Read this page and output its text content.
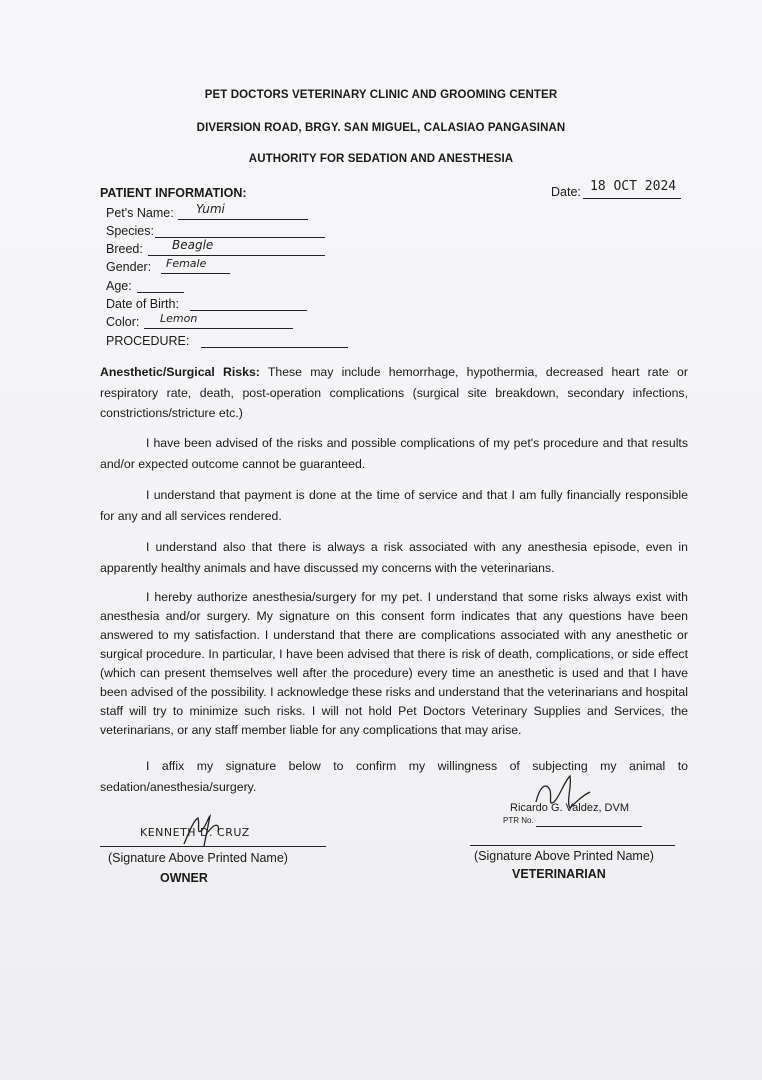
PET DOCTORS VETERINARY CLINIC AND GROOMING CENTER
DIVERSION ROAD, BRGY. SAN MIGUEL, CALASIAO PANGASINAN
AUTHORITY FOR SEDATION AND ANESTHESIA
PATIENT INFORMATION:	Date: 18 OCT 2024
Pet's Name: Yumi
Species:
Breed: Beagle
Gender: Female
Age:
Date of Birth:
Color: Lemon
PROCEDURE:
Anesthetic/Surgical Risks: These may include hemorrhage, hypothermia, decreased heart rate or respiratory rate, death, post-operation complications (surgical site breakdown, secondary infections, constrictions/stricture etc.)
I have been advised of the risks and possible complications of my pet's procedure and that results and/or expected outcome cannot be guaranteed.
I understand that payment is done at the time of service and that I am fully financially responsible for any and all services rendered.
I understand also that there is always a risk associated with any anesthesia episode, even in apparently healthy animals and have discussed my concerns with the veterinarians.
I hereby authorize anesthesia/surgery for my pet. I understand that some risks always exist with anesthesia and/or surgery. My signature on this consent form indicates that any questions have been answered to my satisfaction. I understand that there are complications associated with any anesthetic or surgical procedure. In particular, I have been advised that there is risk of death, complications, or side effect (which can present themselves well after the procedure) every time an anesthetic is used and that I have been advised of the possibility. I acknowledge these risks and understand that the veterinarians and hospital staff will try to minimize such risks. I will not hold Pet Doctors Veterinary Supplies and Services, the veterinarians, or any staff member liable for any complications that may arise.
I affix my signature below to confirm my willingness of subjecting my animal to sedation/anesthesia/surgery.
KENNETH D. CRUZ
(Signature Above Printed Name)
OWNER
Ricardo G. Valdez, DVM
PTR No.
(Signature Above Printed Name)
VETERINARIAN
